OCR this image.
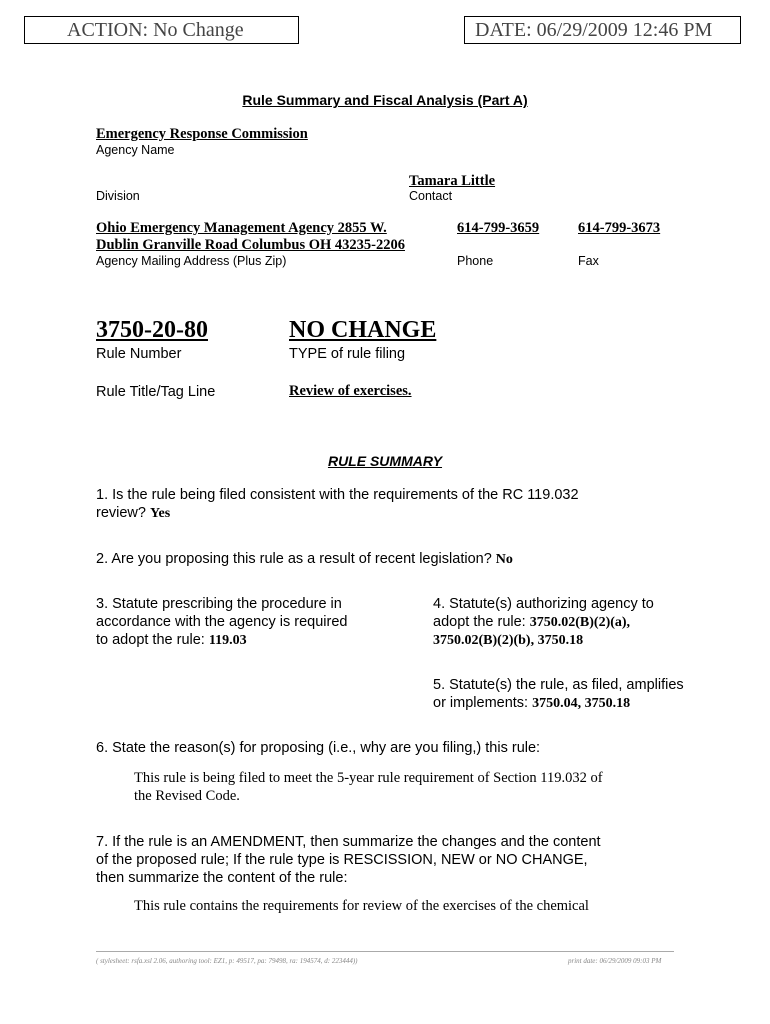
ACTION: No Change	DATE: 06/29/2009 12:46 PM
Rule Summary and Fiscal Analysis (Part A)
Emergency Response Commission
Agency Name
Tamara Little
Division	Contact
Ohio Emergency Management Agency 2855 W.
Dublin Granville Road Columbus OH 43235-2206
Agency Mailing Address (Plus Zip)
614-799-3659
Phone
614-799-3673
Fax
3750-20-80
Rule Number
NO CHANGE
TYPE of rule filing
Rule Title/Tag Line	Review of exercises.
RULE SUMMARY
1. Is the rule being filed consistent with the requirements of the RC 119.032
review? Yes
2. Are you proposing this rule as a result of recent legislation? No
3. Statute prescribing the procedure in
accordance with the agency is required
to adopt the rule: 119.03
4. Statute(s) authorizing agency to
adopt the rule: 3750.02(B)(2)(a),
3750.02(B)(2)(b), 3750.18
5. Statute(s) the rule, as filed, amplifies
or implements: 3750.04, 3750.18
6. State the reason(s) for proposing (i.e., why are you filing,) this rule:
This rule is being filed to meet the 5-year rule requirement of Section 119.032 of
the Revised Code.
7. If the rule is an AMENDMENT, then summarize the changes and the content
of the proposed rule; If the rule type is RESCISSION, NEW or NO CHANGE,
then summarize the content of the rule:
This rule contains the requirements for review of the exercises of the chemical
( stylesheet: rsfa.xsl 2.06, authoring tool: EZ1, p: 49517, pa: 79498, ra: 194574, d: 223444))	print date: 06/29/2009 09:03 PM
